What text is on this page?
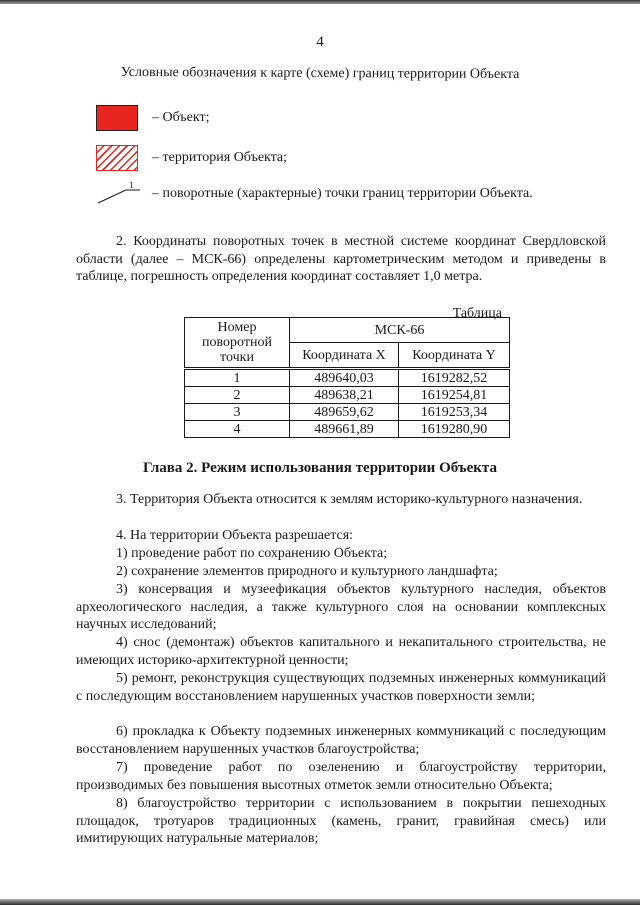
4
Условные обозначения к карте (схеме) границ территории Объекта
– Объект;
– территория Объекта;
1
– поворотные (характерные) точки границ территории Объекта.
2. Координаты поворотных точек в местной системе координат Свердловской области (далее – МСК-66) определены картометрическим методом и приведены в таблице, погрешность определения координат составляет 1,0 метра.
Таблица
Номер поворотной точки	МСК-66	
	Координата X	Координата Y
1	489640,03	1619282,52
2	489638,21	1619254,81
3	489659,62	1619253,34
4	489661,89	1619280,90
Глава 2. Режим использования территории Объекта
3. Территория Объекта относится к землям историко-культурного назначения.
4. На территории Объекта разрешается:
1) проведение работ по сохранению Объекта;
2) сохранение элементов природного и культурного ландшафта;
3) консервация и музеефикация объектов культурного наследия, объектов археологического наследия, а также культурного слоя на основании комплексных научных исследований;
4) снос (демонтаж) объектов капитального и некапитального строительства, не имеющих историко-архитектурной ценности;
5) ремонт, реконструкция существующих подземных инженерных коммуникаций с последующим восстановлением нарушенных участков поверхности земли;
6) прокладка к Объекту подземных инженерных коммуникаций с последующим восстановлением нарушенных участков благоустройства;
7) проведение работ по озеленению и благоустройству территории, производимых без повышения высотных отметок земли относительно Объекта;
8) благоустройство территории с использованием в покрытии пешеходных площадок, тротуаров традиционных (камень, гранит, гравийная смесь) или имитирующих натуральные материалов;
